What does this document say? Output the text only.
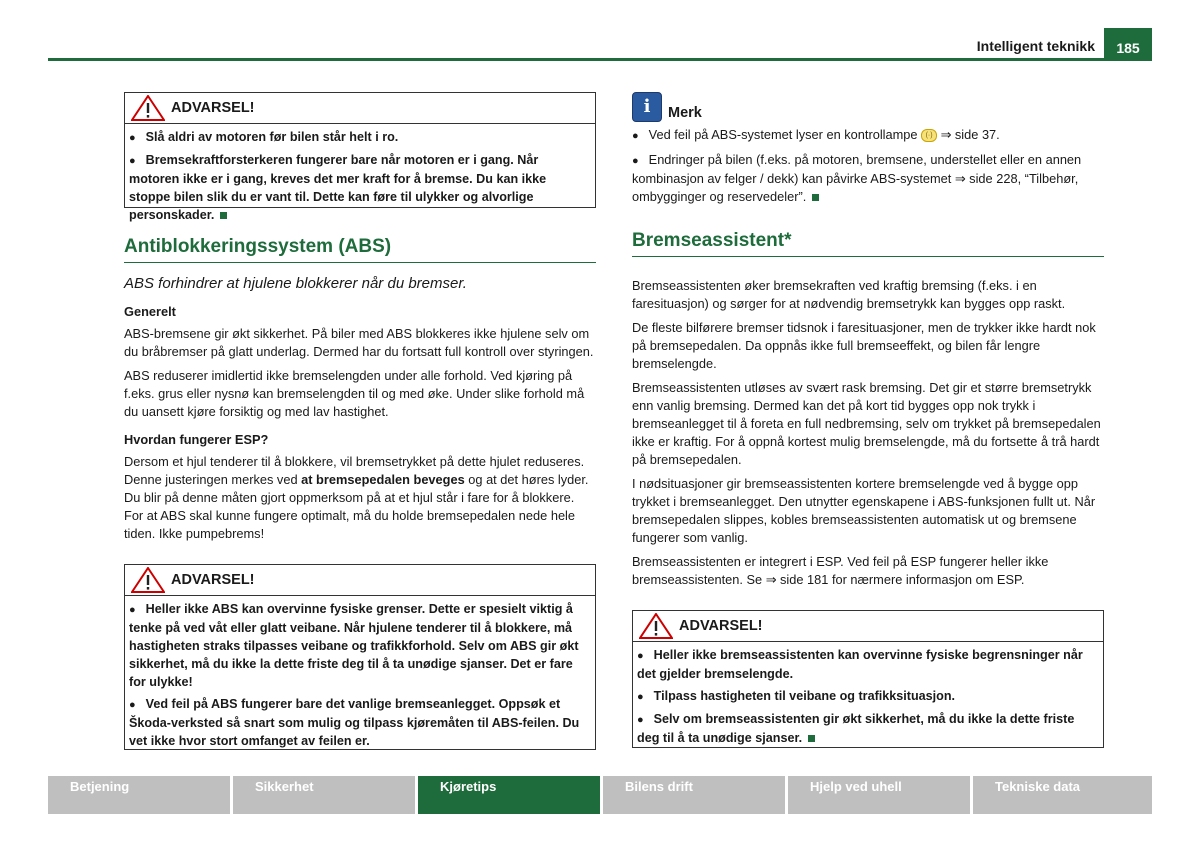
Intelligent teknikk	185
ADVARSEL!

● Slå aldri av motoren før bilen står helt i ro.

● Bremsekraftforsterkeren fungerer bare når motoren er i gang. Når motoren ikke er i gang, kreves det mer kraft for å bremse. Du kan ikke stoppe bilen slik du er vant til. Dette kan føre til ulykker og alvorlige personskader.

Antiblokkeringssystem (ABS)
ABS forhindrer at hjulene blokkerer når du bremser.
Generelt

ABS-bremsene gir økt sikkerhet. På biler med ABS blokkeres ikke hjulene selv om du bråbremser på glatt underlag. Dermed har du fortsatt full kontroll over styringen.

ABS reduserer imidlertid ikke bremselengden under alle forhold. Ved kjøring på f.eks. grus eller nysnø kan bremselengden til og med øke. Under slike forhold må du uansett kjøre forsiktig og med lav hastighet.

Hvordan fungerer ESP?

Dersom et hjul tenderer til å blokkere, vil bremsetrykket på dette hjulet reduseres. Denne justeringen merkes ved at bremsepedalen beveges og at det høres lyder. Du blir på denne måten gjort oppmerksom på at et hjul står i fare for å blokkere. For at ABS skal kunne fungere optimalt, må du holde bremsepedalen nede hele tiden. Ikke pumpebrems!

ADVARSEL!

● Heller ikke ABS kan overvinne fysiske grenser. Dette er spesielt viktig å tenke på ved våt eller glatt veibane. Når hjulene tenderer til å blokkere, må hastigheten straks tilpasses veibane og trafikkforhold. Selv om ABS gir økt sikkerhet, må du ikke la dette friste deg til å ta unødige sjanser. Det er fare for ulykke!

● Ved feil på ABS fungerer bare det vanlige bremseanlegget. Oppsøk et Škoda-verksted så snart som mulig og tilpass kjøremåten til ABS-feilen. Du vet ikke hvor stort omfanget av feilen er.

i	Merk

● Ved feil på ABS-systemet lyser en kontrollampe (·) ⇒ side 37.

● Endringer på bilen (f.eks. på motoren, bremsene, understellet eller en annen kombinasjon av felger / dekk) kan påvirke ABS-systemet ⇒ side 228, “Tilbehør, ombygginger og reservedeler”.

Bremseassistent*

Bremseassistenten øker bremsekraften ved kraftig bremsing (f.eks. i en faresituasjon) og sørger for at nødvendig bremsetrykk kan bygges opp raskt.

De fleste bilførere bremser tidsnok i faresituasjoner, men de trykker ikke hardt nok på bremsepedalen. Da oppnås ikke full bremseeffekt, og bilen får lengre bremselengde.

Bremseassistenten utløses av svært rask bremsing. Det gir et større bremsetrykk enn vanlig bremsing. Dermed kan det på kort tid bygges opp nok trykk i bremseanlegget til å foreta en full nedbremsing, selv om trykket på bremsepedalen ikke er kraftig. For å oppnå kortest mulig bremselengde, må du fortsette å trå hardt på bremsepedalen.

I nødsituasjoner gir bremseassistenten kortere bremselengde ved å bygge opp trykket i bremseanlegget. Den utnytter egenskapene i ABS-funksjonen fullt ut. Når bremsepedalen slippes, kobles bremseassistenten automatisk ut og bremsene fungerer som vanlig.

Bremseassistenten er integrert i ESP. Ved feil på ESP fungerer heller ikke bremseassistenten. Se ⇒ side 181 for nærmere informasjon om ESP.

ADVARSEL!

● Heller ikke bremseassistenten kan overvinne fysiske begrensninger når det gjelder bremselengde.

● Tilpass hastigheten til veibane og trafikksituasjon.

● Selv om bremseassistenten gir økt sikkerhet, må du ikke la dette friste deg til å ta unødige sjanser.

Betjening	Sikkerhet	Kjøretips	Bilens drift	Hjelp ved uhell	Tekniske data
